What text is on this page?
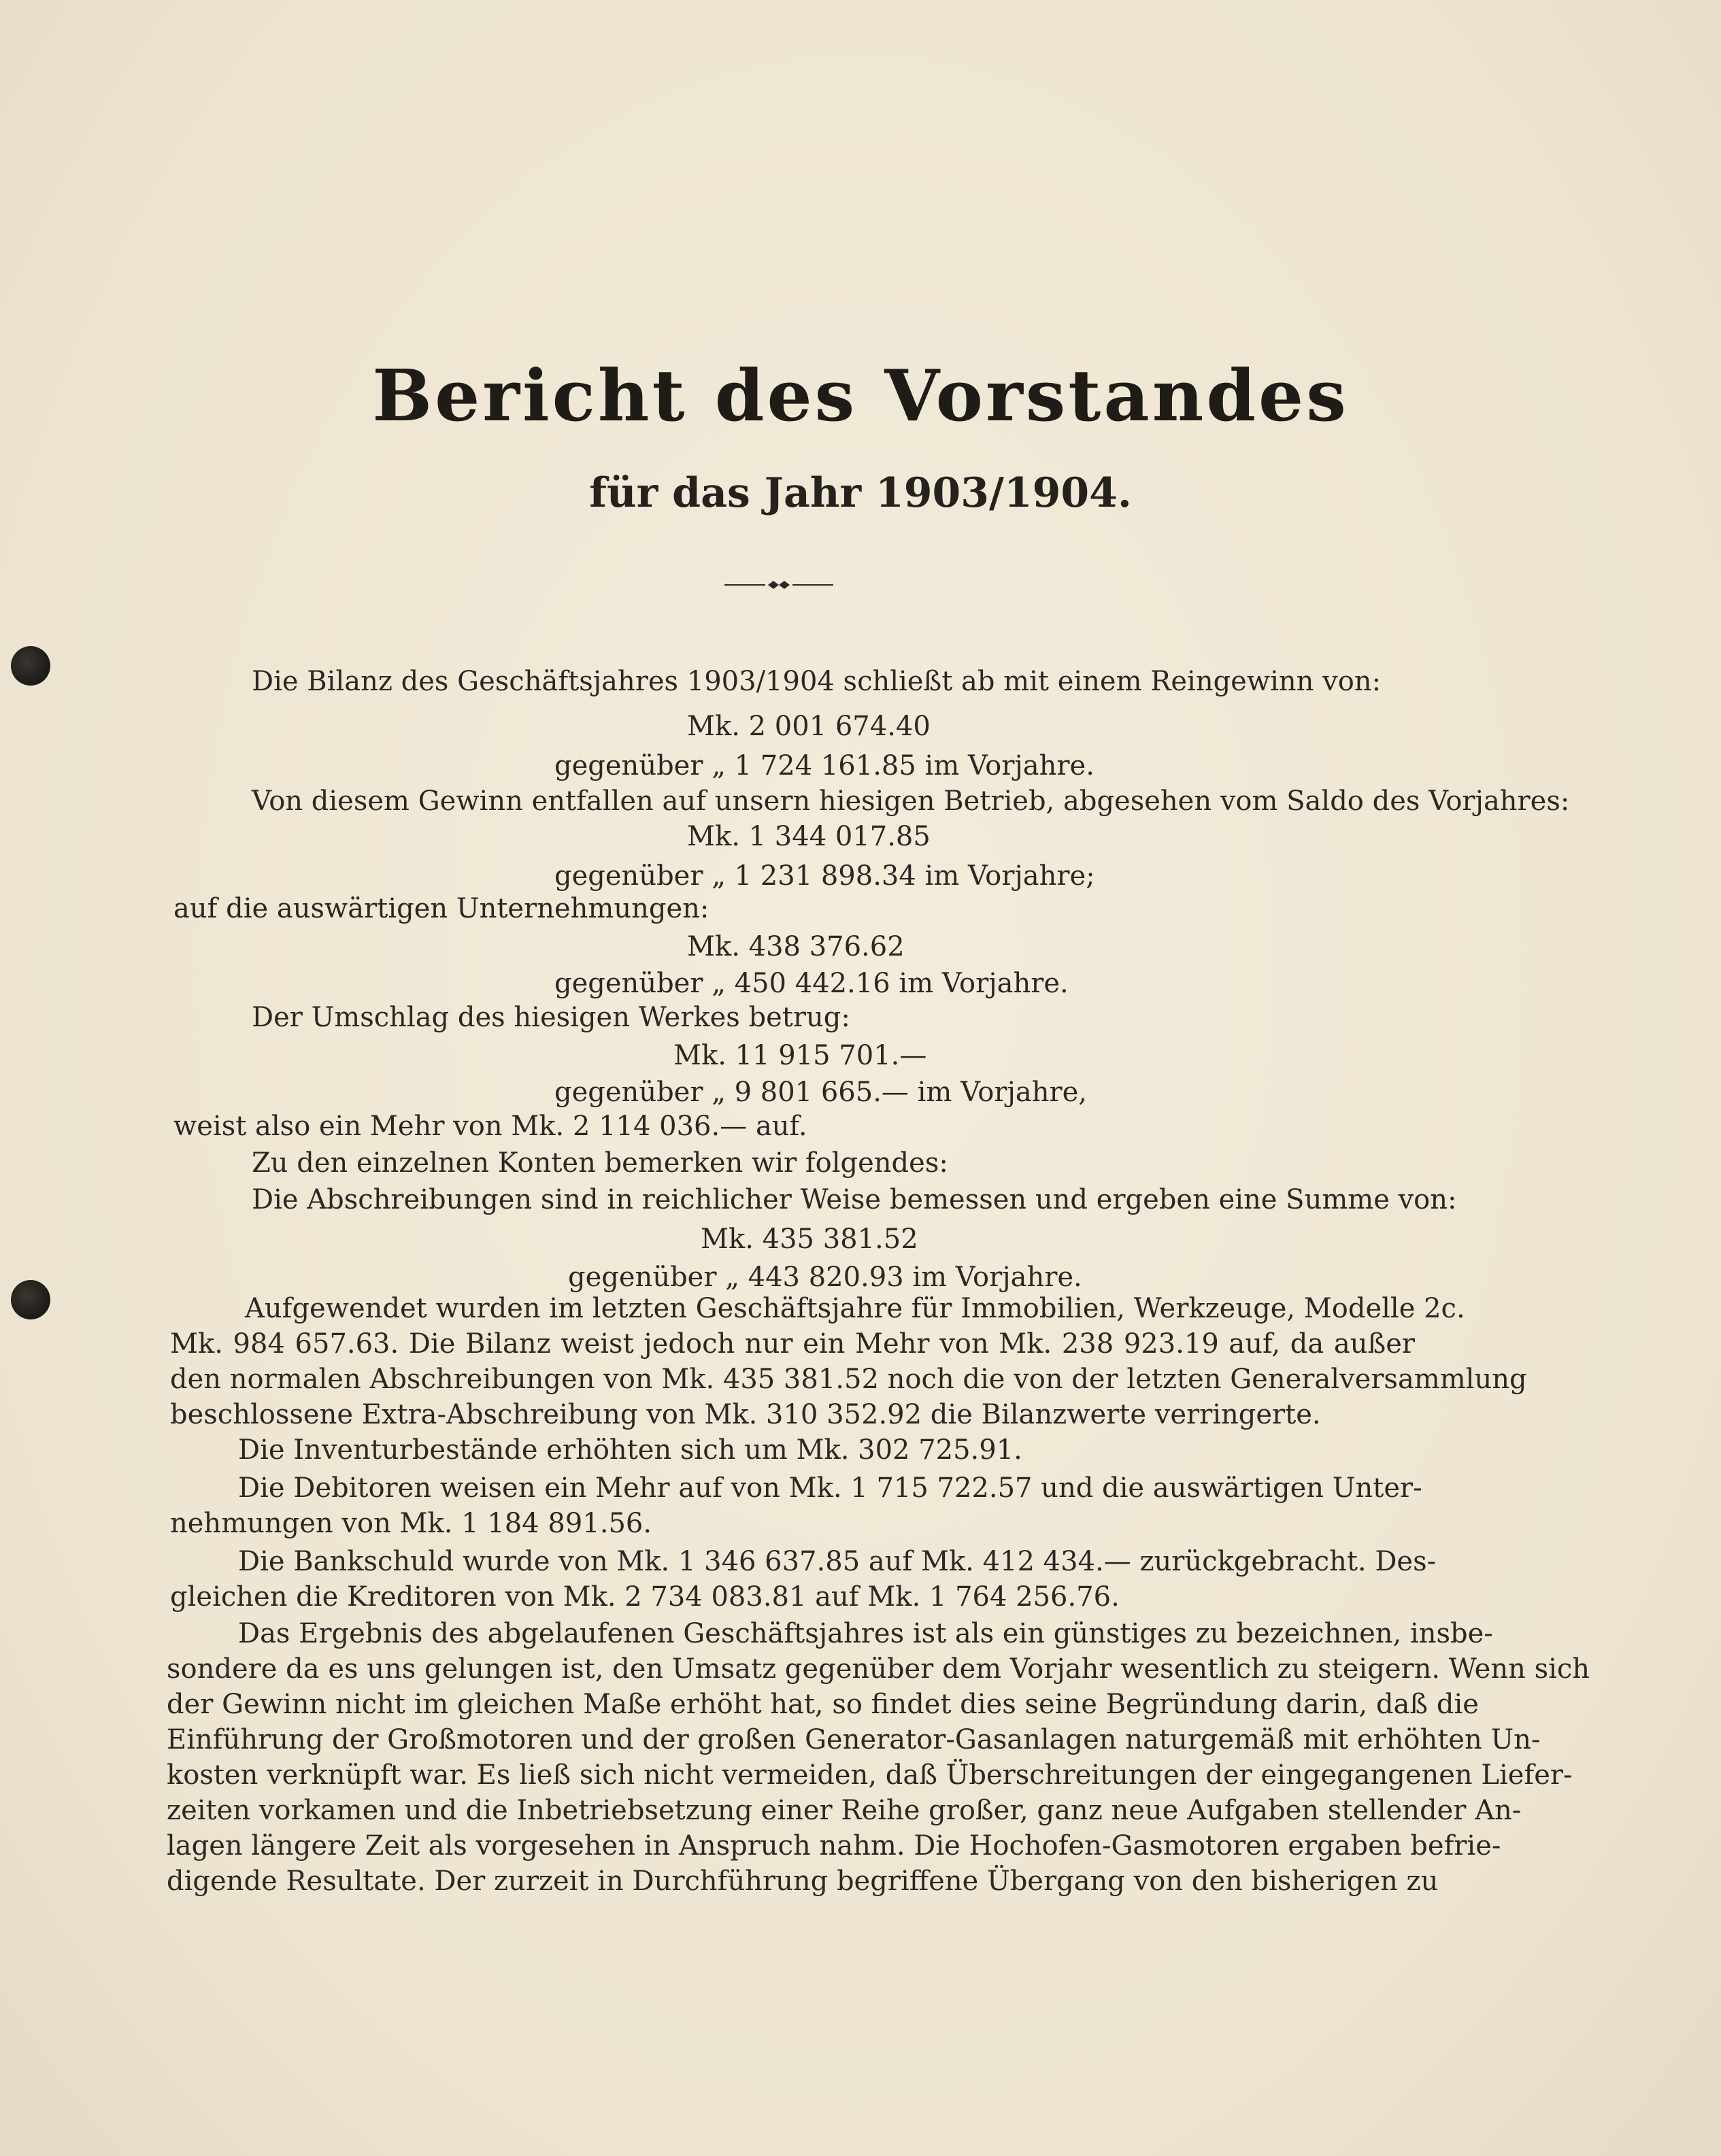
Bericht des Vorstandes
für das Jahr 1903/1904.
Die Bilanz des Geschäftsjahres 1903/1904 schließt ab mit einem Reingewinn von:
Mk. 2 001 674.40
gegenüber „ 1 724 161.85 im Vorjahre.
Von diesem Gewinn entfallen auf unsern hiesigen Betrieb, abgesehen vom Saldo des Vorjahres:
Mk. 1 344 017.85
gegenüber „ 1 231 898.34 im Vorjahre;
auf die auswärtigen Unternehmungen:
Mk. 438 376.62
gegenüber „ 450 442.16 im Vorjahre.
Der Umschlag des hiesigen Werkes betrug:
Mk. 11 915 701.—
gegenüber „ 9 801 665.— im Vorjahre,
weist also ein Mehr von Mk. 2 114 036.— auf.
Zu den einzelnen Konten bemerken wir folgendes:
Die Abschreibungen sind in reichlicher Weise bemessen und ergeben eine Summe von:
Mk. 435 381.52
gegenüber „ 443 820.93 im Vorjahre.
Aufgewendet wurden im letzten Geschäftsjahre für Immobilien, Werkzeuge, Modelle 2c.
Mk. 984 657.63. Die Bilanz weist jedoch nur ein Mehr von Mk. 238 923.19 auf, da außer
den normalen Abschreibungen von Mk. 435 381.52 noch die von der letzten Generalversammlung
beschlossene Extra-Abschreibung von Mk. 310 352.92 die Bilanzwerte verringerte.
Die Inventurbestände erhöhten sich um Mk. 302 725.91.
Die Debitoren weisen ein Mehr auf von Mk. 1 715 722.57 und die auswärtigen Unter-
nehmungen von Mk. 1 184 891.56.
Die Bankschuld wurde von Mk. 1 346 637.85 auf Mk. 412 434.— zurückgebracht. Des-
gleichen die Kreditoren von Mk. 2 734 083.81 auf Mk. 1 764 256.76.
Das Ergebnis des abgelaufenen Geschäftsjahres ist als ein günstiges zu bezeichnen, insbe-
sondere da es uns gelungen ist, den Umsatz gegenüber dem Vorjahr wesentlich zu steigern. Wenn sich
der Gewinn nicht im gleichen Maße erhöht hat, so findet dies seine Begründung darin, daß die
Einführung der Großmotoren und der großen Generator-Gasanlagen naturgemäß mit erhöhten Un-
kosten verknüpft war. Es ließ sich nicht vermeiden, daß Überschreitungen der eingegangenen Liefer-
zeiten vorkamen und die Inbetriebsetzung einer Reihe großer, ganz neue Aufgaben stellender An-
lagen längere Zeit als vorgesehen in Anspruch nahm. Die Hochofen-Gasmotoren ergaben befrie-
digende Resultate. Der zurzeit in Durchführung begriffene Übergang von den bisherigen zu
